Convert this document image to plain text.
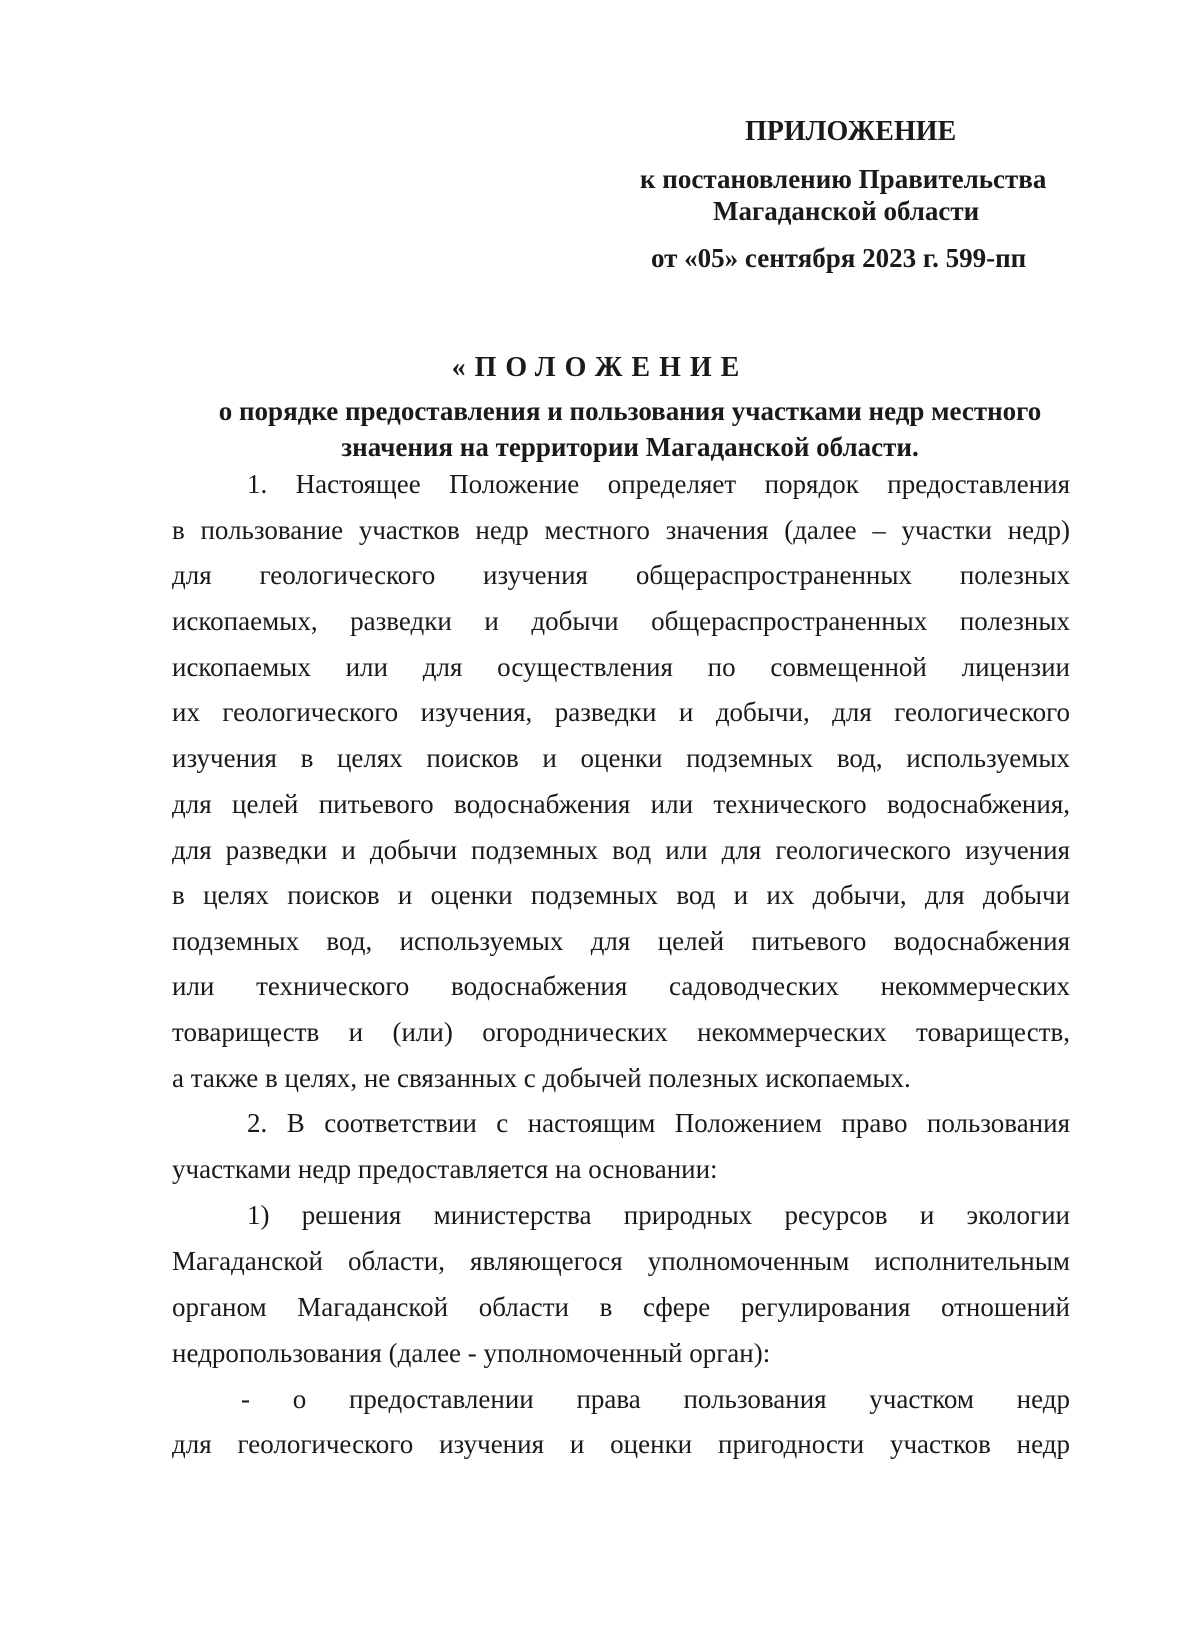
ПРИЛОЖЕНИЕ
к постановлению Правительства
Магаданской области
от «05» сентября 2023 г. 599-пп
«ПОЛОЖЕНИЕ
о порядке предоставления и пользования участками недр местного значения на территории Магаданской области.
1. Настоящее Положение определяет порядок предоставления
в пользование участков недр местного значения (далее – участки недр)
для геологического изучения общераспространенных полезных
ископаемых, разведки и добычи общераспространенных полезных
ископаемых или для осуществления по совмещенной лицензии
их геологического изучения, разведки и добычи, для геологического
изучения в целях поисков и оценки подземных вод, используемых
для целей питьевого водоснабжения или технического водоснабжения,
для разведки и добычи подземных вод или для геологического изучения
в целях поисков и оценки подземных вод и их добычи, для добычи
подземных вод, используемых для целей питьевого водоснабжения
или технического водоснабжения садоводческих некоммерческих
товариществ и (или) огороднических некоммерческих товариществ,
а также в целях, не связанных с добычей полезных ископаемых.
2. В соответствии с настоящим Положением право пользования
участками недр предоставляется на основании:
1) решения министерства природных ресурсов и экологии
Магаданской области, являющегося уполномоченным исполнительным
органом Магаданской области в сфере регулирования отношений
недропользования (далее - уполномоченный орган):
- о предоставлении права пользования участком недр
для геологического изучения и оценки пригодности участков недр
